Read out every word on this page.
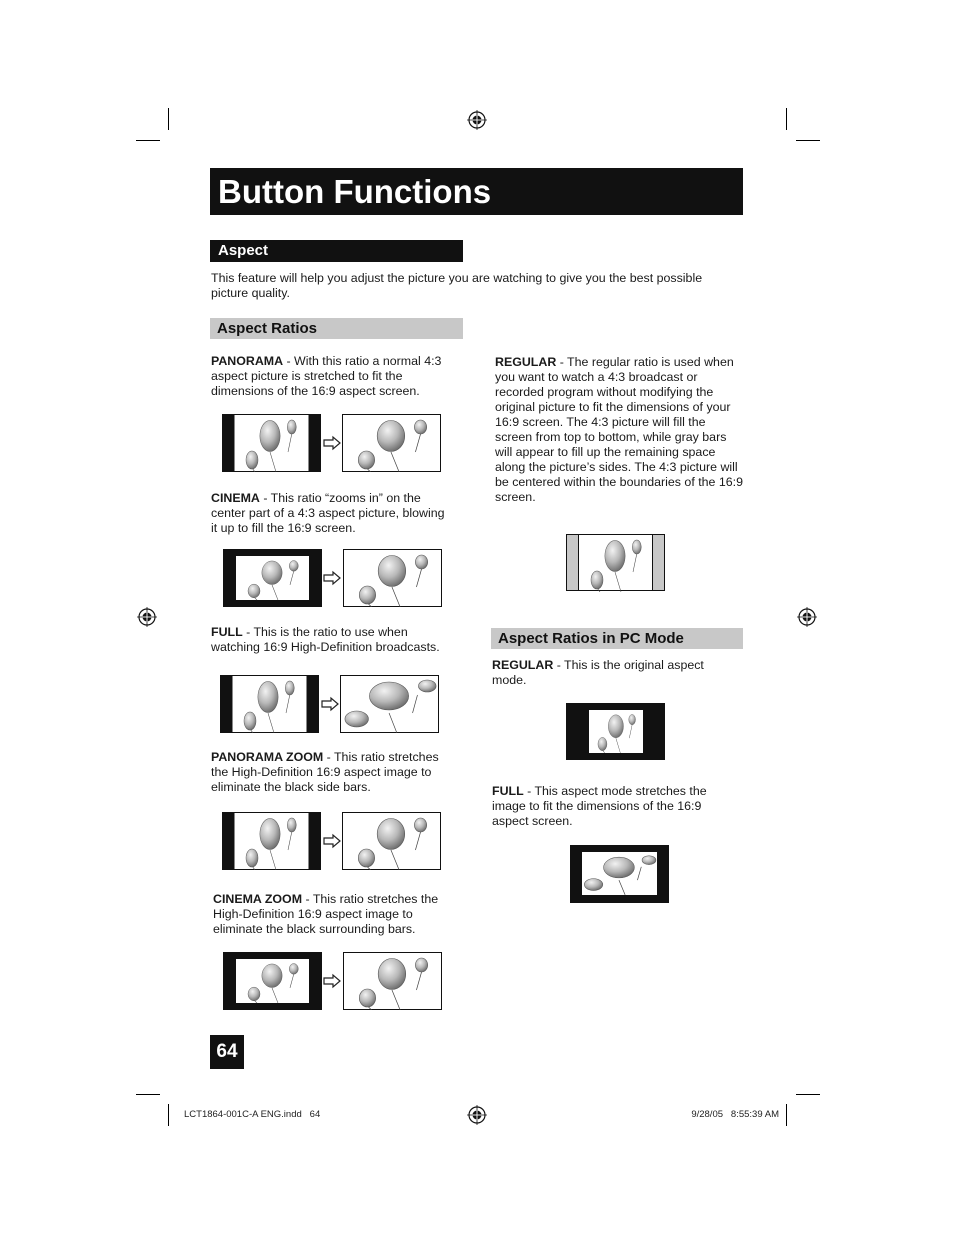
Button Functions
Aspect
This feature will help you adjust the picture you are watching to give you the best possible picture quality.
Aspect Ratios
PANORAMA - With this ratio a normal 4:3 aspect picture is stretched to fit the dimensions of the 16:9 aspect screen.
CINEMA - This ratio “zooms in” on the center part of a 4:3 aspect picture, blowing it up to fill the 16:9 screen.
FULL - This is the ratio to use when watching 16:9 High-Definition broadcasts.
PANORAMA ZOOM - This ratio stretches the High-Definition 16:9 aspect image to eliminate the black side bars.
CINEMA ZOOM - This ratio stretches the High-Definition 16:9 aspect image to eliminate the black surrounding bars.
REGULAR - The regular ratio is used when you want to watch a 4:3 broadcast or recorded program without modifying the original picture to fit the dimensions of your 16:9 screen. The 4:3 picture will fill the screen from top to bottom, while gray bars will appear to fill up the remaining space along the picture’s sides. The 4:3 picture will be centered within the boundaries of the 16:9 screen.
Aspect Ratios in PC Mode
REGULAR - This is the original aspect mode.
FULL - This aspect mode stretches the image to fit the dimensions of the 16:9 aspect screen.
64
LCT1864-001C-A ENG.indd   64	9/28/05   8:55:39 AM
